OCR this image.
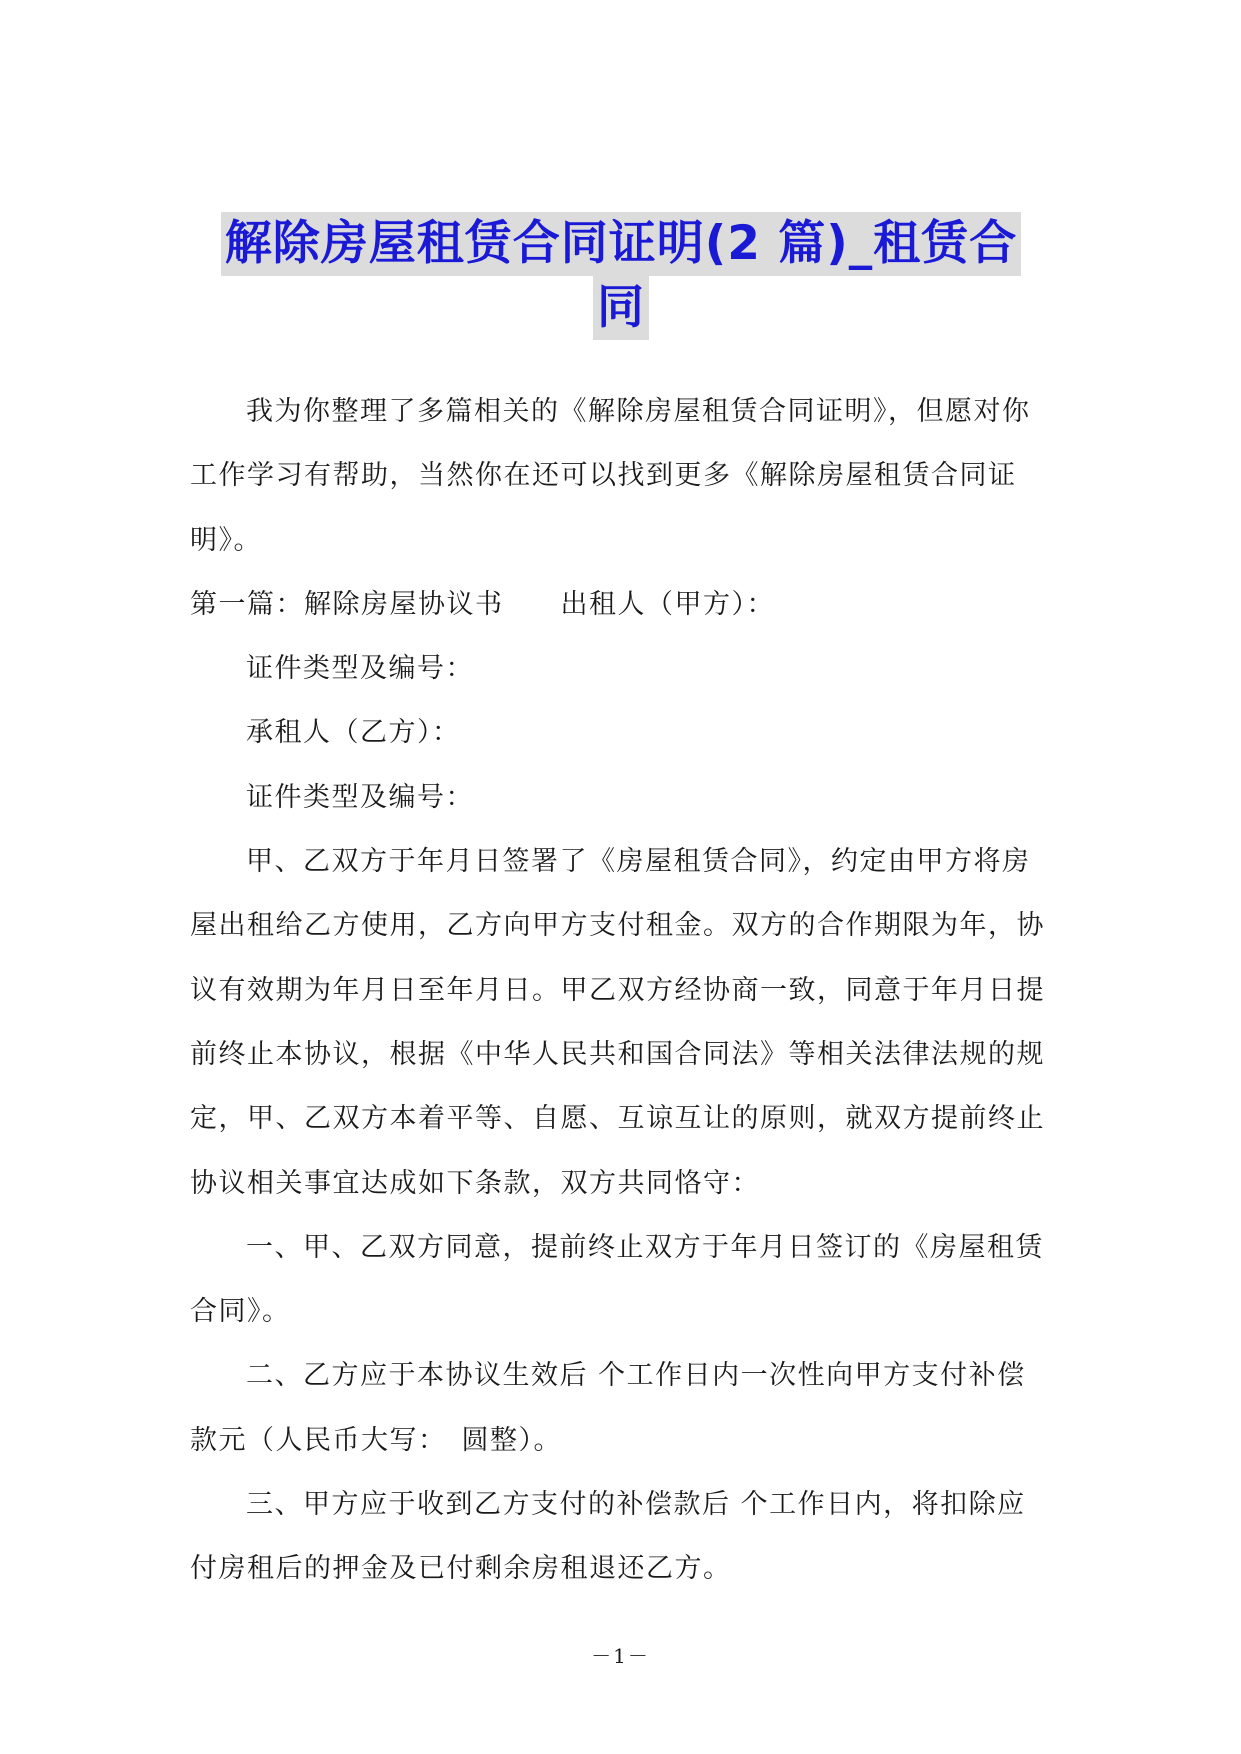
解除房屋租赁合同证明(2 篇)_租赁合
同

我为你整理了多篇相关的《解除房屋租赁合同证明》，但愿对你

工作学习有帮助，当然你在还可以找到更多《解除房屋租赁合同证

明》。

第一篇：解除房屋协议书　　出租人（甲方）：

证件类型及编号：

承租人（乙方）：

证件类型及编号：

甲、乙双方于年月日签署了《房屋租赁合同》，约定由甲方将房

屋出租给乙方使用，乙方向甲方支付租金。双方的合作期限为年，协

议有效期为年月日至年月日。甲乙双方经协商一致，同意于年月日提

前终止本协议，根据《中华人民共和国合同法》等相关法律法规的规

定，甲、乙双方本着平等、自愿、互谅互让的原则，就双方提前终止

协议相关事宜达成如下条款，双方共同恪守：

一、甲、乙双方同意，提前终止双方于年月日签订的《房屋租赁

合同》。

二、乙方应于本协议生效后 个工作日内一次性向甲方支付补偿

款元（人民币大写：　圆整）。

三、甲方应于收到乙方支付的补偿款后 个工作日内，将扣除应

付房租后的押金及已付剩余房租退还乙方。

－1－
